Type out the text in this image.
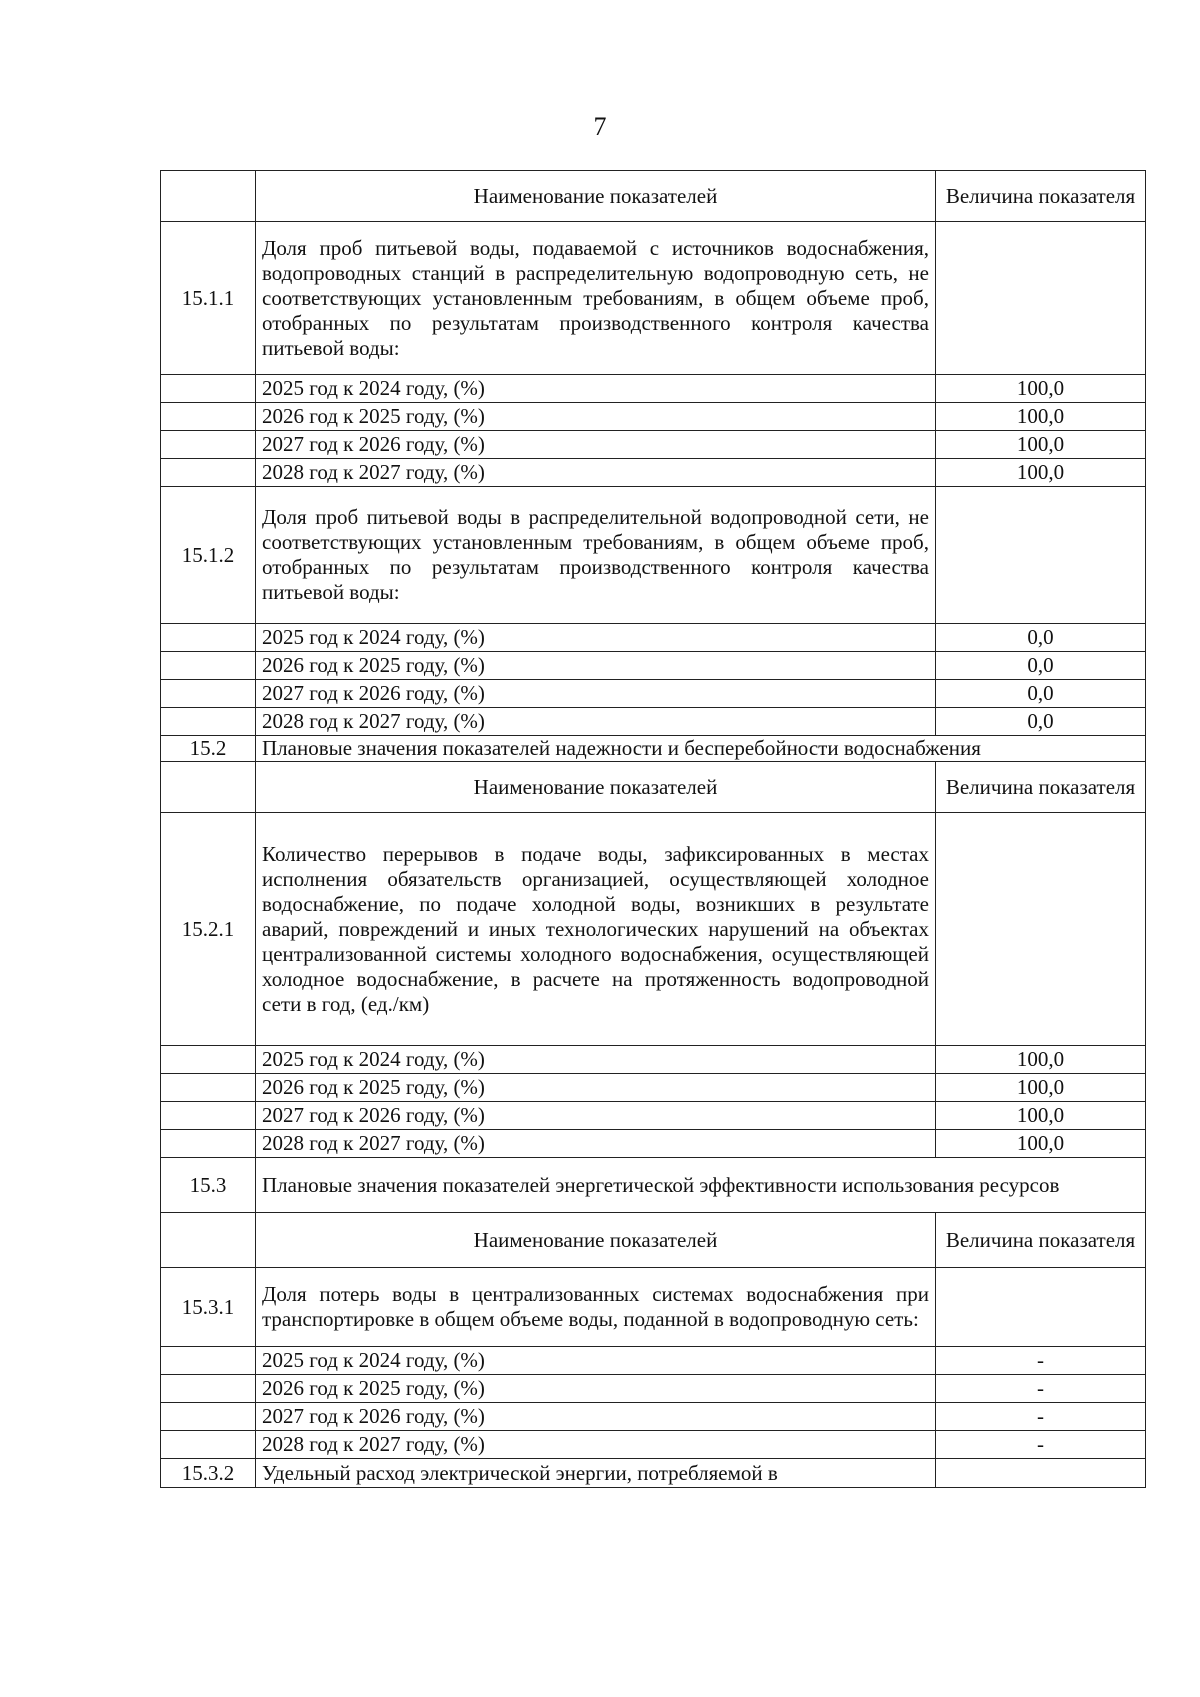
7
	Наименование показателей	Величина показателя
15.1.1	Доля проб питьевой воды, подаваемой с источников водоснабжения, водопроводных станций в распределительную водопроводную сеть, не соответствующих установленным требованиям, в общем объеме проб, отобранных по результатам производственного контроля качества питьевой воды:	
	2025 год к 2024 году, (%)	100,0
	2026 год к 2025 году, (%)	100,0
	2027 год к 2026 году, (%)	100,0
	2028 год к 2027 году, (%)	100,0
15.1.2	Доля проб питьевой воды в распределительной водопроводной сети, не соответствующих установленным требованиям, в общем объеме проб, отобранных по результатам производственного контроля качества питьевой воды:	
	2025 год к 2024 году, (%)	0,0
	2026 год к 2025 году, (%)	0,0
	2027 год к 2026 году, (%)	0,0
	2028 год к 2027 году, (%)	0,0
15.2	Плановые значения показателей надежности и бесперебойности водоснабжения	
	Наименование показателей	Величина показателя
15.2.1	Количество перерывов в подаче воды, зафиксированных в местах исполнения обязательств организацией, осуществляющей холодное водоснабжение, по подаче холодной воды, возникших в результате аварий, повреждений и иных технологических нарушений на объектах централизованной системы холодного водоснабжения, осуществляющей холодное водоснабжение, в расчете на протяженность водопроводной сети в год, (ед./км)	
	2025 год к 2024 году, (%)	100,0
	2026 год к 2025 году, (%)	100,0
	2027 год к 2026 году, (%)	100,0
	2028 год к 2027 году, (%)	100,0
15.3	Плановые значения показателей энергетической эффективности использования ресурсов	
	Наименование показателей	Величина показателя
15.3.1	Доля потерь воды в централизованных системах водоснабжения при транспортировке в общем объеме воды, поданной в водопроводную сеть:	
	2025 год к 2024 году, (%)	-
	2026 год к 2025 году, (%)	-
	2027 год к 2026 году, (%)	-
	2028 год к 2027 году, (%)	-
15.3.2	Удельный расход электрической энергии, потребляемой в	
